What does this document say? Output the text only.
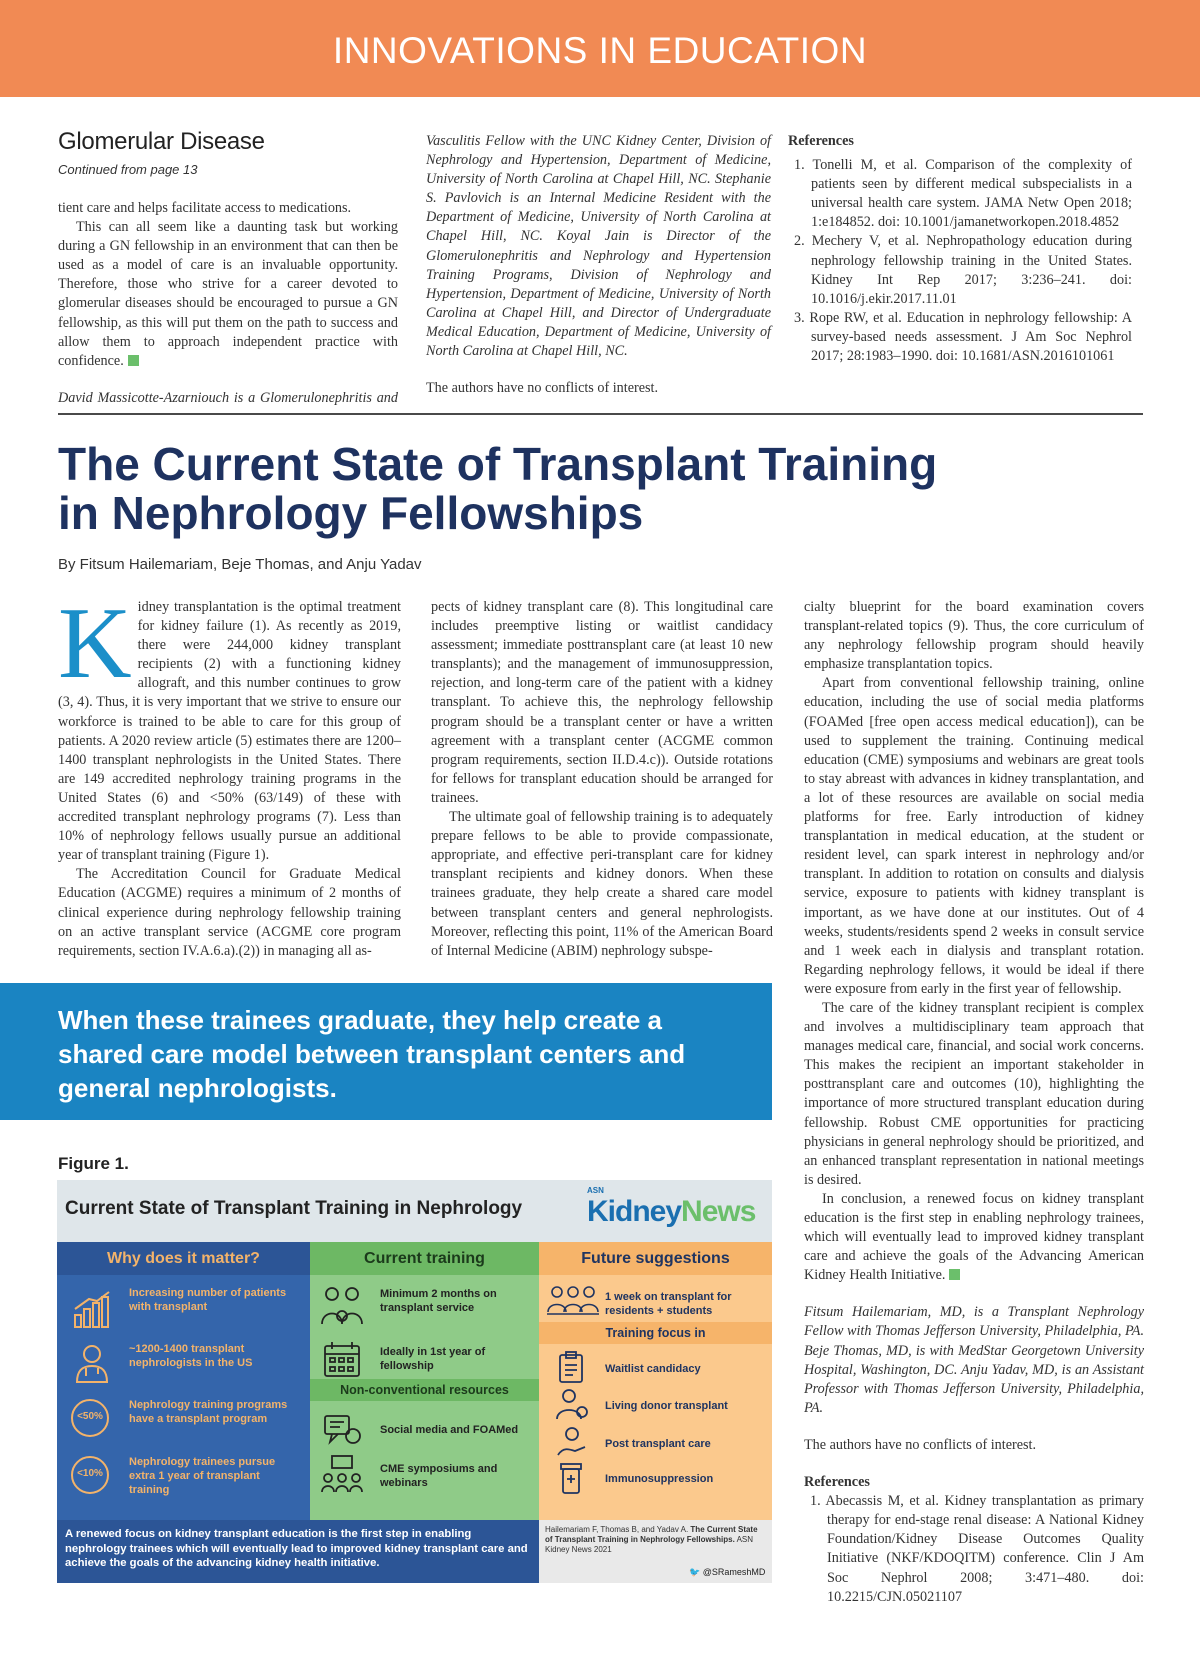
INNOVATIONS IN EDUCATION
Glomerular Disease
Continued from page 13

tient care and helps facilitate access to medications.

This can all seem like a daunting task but working during a GN fellowship in an environment that can then be used as a model of care is an invaluable opportunity. Therefore, those who strive for a career devoted to glomerular diseases should be encouraged to pursue a GN fellowship, as this will put them on the path to success and allow them to approach independent practice with confidence.

David Massicotte-Azarniouch is a Glomerulonephritis and

Vasculitis Fellow with the UNC Kidney Center, Division of Nephrology and Hypertension, Department of Medicine, University of North Carolina at Chapel Hill, NC. Stephanie S. Pavlovich is an Internal Medicine Resident with the Department of Medicine, University of North Carolina at Chapel Hill, NC. Koyal Jain is Director of the Glomerulonephritis and Nephrology and Hypertension Training Programs, Division of Nephrology and Hypertension, Department of Medicine, University of North Carolina at Chapel Hill, and Director of Undergraduate Medical Education, Department of Medicine, University of North Carolina at Chapel Hill, NC.

The authors have no conflicts of interest.

References

1. Tonelli M, et al. Comparison of the complexity of patients seen by different medical subspecialists in a universal health care system. JAMA Netw Open 2018; 1:e184852. doi: 10.1001/jamanetworkopen.2018.4852

2. Mechery V, et al. Nephropathology education during nephrology fellowship training in the United States. Kidney Int Rep 2017; 3:236–241. doi: 10.1016/j.ekir.2017.11.01

3. Rope RW, et al. Education in nephrology fellowship: A survey-based needs assessment. J Am Soc Nephrol 2017; 28:1983–1990. doi: 10.1681/ASN.2016101061

The Current State of Transplant Training
in Nephrology Fellowships
By Fitsum Hailemariam, Beje Thomas, and Anju Yadav

Kidney transplantation is the optimal treatment for kidney failure (1). As recently as 2019, there were 244,000 kidney transplant recipients (2) with a functioning kidney allograft, and this number continues to grow (3, 4). Thus, it is very important that we strive to ensure our workforce is trained to be able to care for this group of patients. A 2020 review article (5) estimates there are 1200–1400 transplant nephrologists in the United States. There are 149 accredited nephrology training programs in the United States (6) and <50% (63/149) of these with accredited transplant nephrology programs (7). Less than 10% of nephrology fellows usually pursue an additional year of transplant training (Figure 1).

The Accreditation Council for Graduate Medical Education (ACGME) requires a minimum of 2 months of clinical experience during nephrology fellowship training on an active transplant service (ACGME core program requirements, section IV.A.6.a).(2)) in managing all as-

pects of kidney transplant care (8). This longitudinal care includes preemptive listing or waitlist candidacy assessment; immediate posttransplant care (at least 10 new transplants); and the management of immunosuppression, rejection, and long-term care of the patient with a kidney transplant. To achieve this, the nephrology fellowship program should be a transplant center or have a written agreement with a transplant center (ACGME common program requirements, section II.D.4.c)). Outside rotations for fellows for transplant education should be arranged for trainees.

The ultimate goal of fellowship training is to adequately prepare fellows to be able to provide compassionate, appropriate, and effective peri-transplant care for kidney transplant recipients and kidney donors. When these trainees graduate, they help create a shared care model between transplant centers and general nephrologists. Moreover, reflecting this point, 11% of the American Board of Internal Medicine (ABIM) nephrology subspe-

cialty blueprint for the board examination covers transplant-related topics (9). Thus, the core curriculum of any nephrology fellowship program should heavily emphasize transplantation topics.

Apart from conventional fellowship training, online education, including the use of social media platforms (FOAMed [free open access medical education]), can be used to supplement the training. Continuing medical education (CME) symposiums and webinars are great tools to stay abreast with advances in kidney transplantation, and a lot of these resources are available on social media platforms for free. Early introduction of kidney transplantation in medical education, at the student or resident level, can spark interest in nephrology and/or transplant. In addition to rotation on consults and dialysis service, exposure to patients with kidney transplant is important, as we have done at our institutes. Out of 4 weeks, students/residents spend 2 weeks in consult service and 1 week each in dialysis and transplant rotation. Regarding nephrology fellows, it would be ideal if there were exposure from early in the first year of fellowship.

The care of the kidney transplant recipient is complex and involves a multidisciplinary team approach that manages medical care, financial, and social work concerns. This makes the recipient an important stakeholder in posttransplant care and outcomes (10), highlighting the importance of more structured transplant education during fellowship. Robust CME opportunities for practicing physicians in general nephrology should be prioritized, and an enhanced transplant representation in national meetings is desired.

In conclusion, a renewed focus on kidney transplant education is the first step in enabling nephrology trainees, which will eventually lead to improved kidney transplant care and achieve the goals of the Advancing American Kidney Health Initiative.

Fitsum Hailemariam, MD, is a Transplant Nephrology Fellow with Thomas Jefferson University, Philadelphia, PA. Beje Thomas, MD, is with MedStar Georgetown University Hospital, Washington, DC. Anju Yadav, MD, is an Assistant Professor with Thomas Jefferson University, Philadelphia, PA.

The authors have no conflicts of interest.

References

1. Abecassis M, et al. Kidney transplantation as primary therapy for end-stage renal disease: A National Kidney Foundation/Kidney Disease Outcomes Quality Initiative (NKF/KDOQITM) conference. Clin J Am Soc Nephrol 2008; 3:471–480. doi: 10.2215/CJN.05021107

When these trainees graduate, they help create a shared care model between transplant centers and general nephrologists.

Figure 1.
Current State of Transplant Training in Nephrology
ASN
KidneyNews
Why does it matter?
Increasing number of patients with transplant
~1200-1400 transplant nephrologists in the US
<50%
Nephrology training programs have a transplant program
<10%
Nephrology trainees pursue extra 1 year of transplant training
Current training
Minimum 2 months on transplant service
Ideally in 1st year of fellowship
Non-conventional resources
Social media and FOAMed
CME symposiums and webinars
Future suggestions
1 week on transplant for residents + students
Training focus in
Waitlist candidacy
Living donor transplant
Post transplant care
Immunosuppression
A renewed focus on kidney transplant education is the first step in enabling nephrology trainees which will eventually lead to improved kidney transplant care and achieve the goals of the advancing kidney health initiative.
Hailemariam F, Thomas B, and Yadav A. The Current State of Transplant Training in Nephrology Fellowships. ASN Kidney News 2021
🐦 @SRameshMD
